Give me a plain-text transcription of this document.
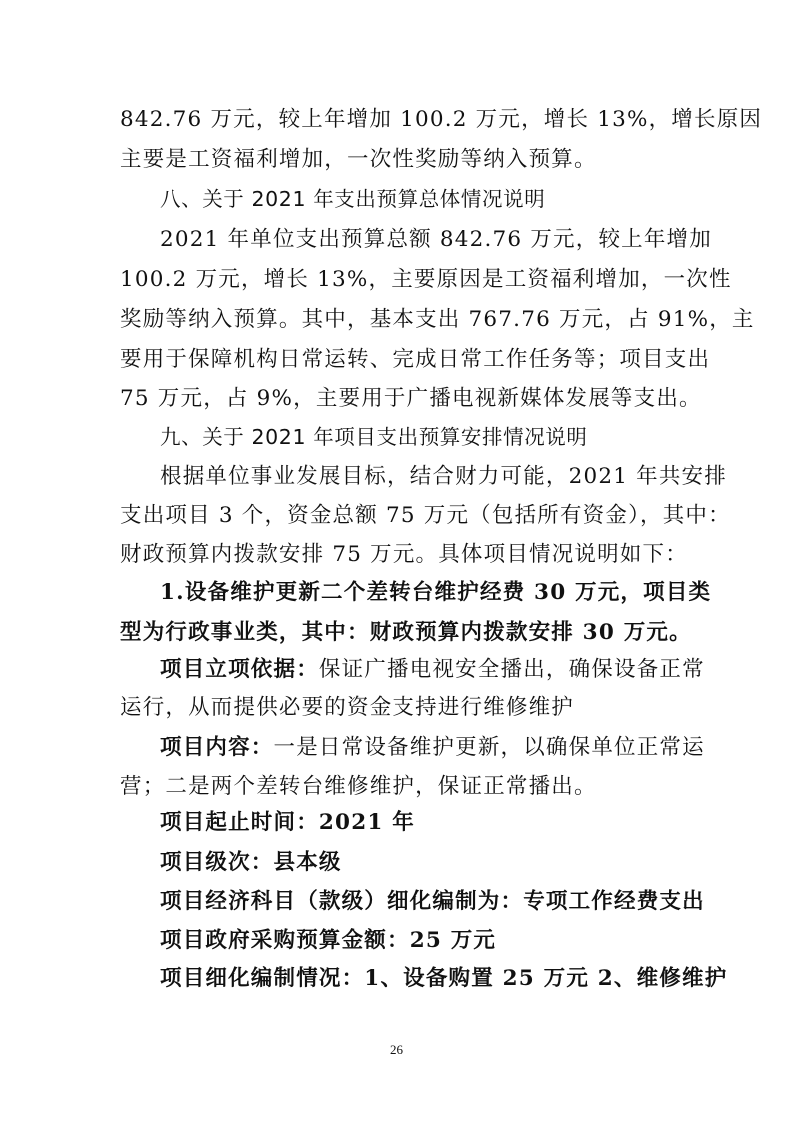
842.76 万元，较上年增加 100.2 万元，增长 13%，增长原因
主要是工资福利增加，一次性奖励等纳入预算。
八、关于 2021 年支出预算总体情况说明
2021 年单位支出预算总额 842.76 万元，较上年增加
100.2 万元，增长 13%，主要原因是工资福利增加，一次性
奖励等纳入预算。其中，基本支出 767.76 万元，占 91%，主
要用于保障机构日常运转、完成日常工作任务等；项目支出
75 万元，占 9%，主要用于广播电视新媒体发展等支出。
九、关于 2021 年项目支出预算安排情况说明
根据单位事业发展目标，结合财力可能，2021 年共安排
支出项目 3 个，资金总额 75 万元（包括所有资金），其中：
财政预算内拨款安排 75 万元。具体项目情况说明如下：
1.设备维护更新二个差转台维护经费 30 万元，项目类
型为行政事业类，其中：财政预算内拨款安排 30 万元。
项目立项依据：保证广播电视安全播出，确保设备正常
运行，从而提供必要的资金支持进行维修维护
项目内容：一是日常设备维护更新，以确保单位正常运
营；二是两个差转台维修维护，保证正常播出。
项目起止时间：2021 年
项目级次：县本级
项目经济科目（款级）细化编制为：专项工作经费支出
项目政府采购预算金额：25 万元
项目细化编制情况：1、设备购置 25 万元 2、维修维护
26
